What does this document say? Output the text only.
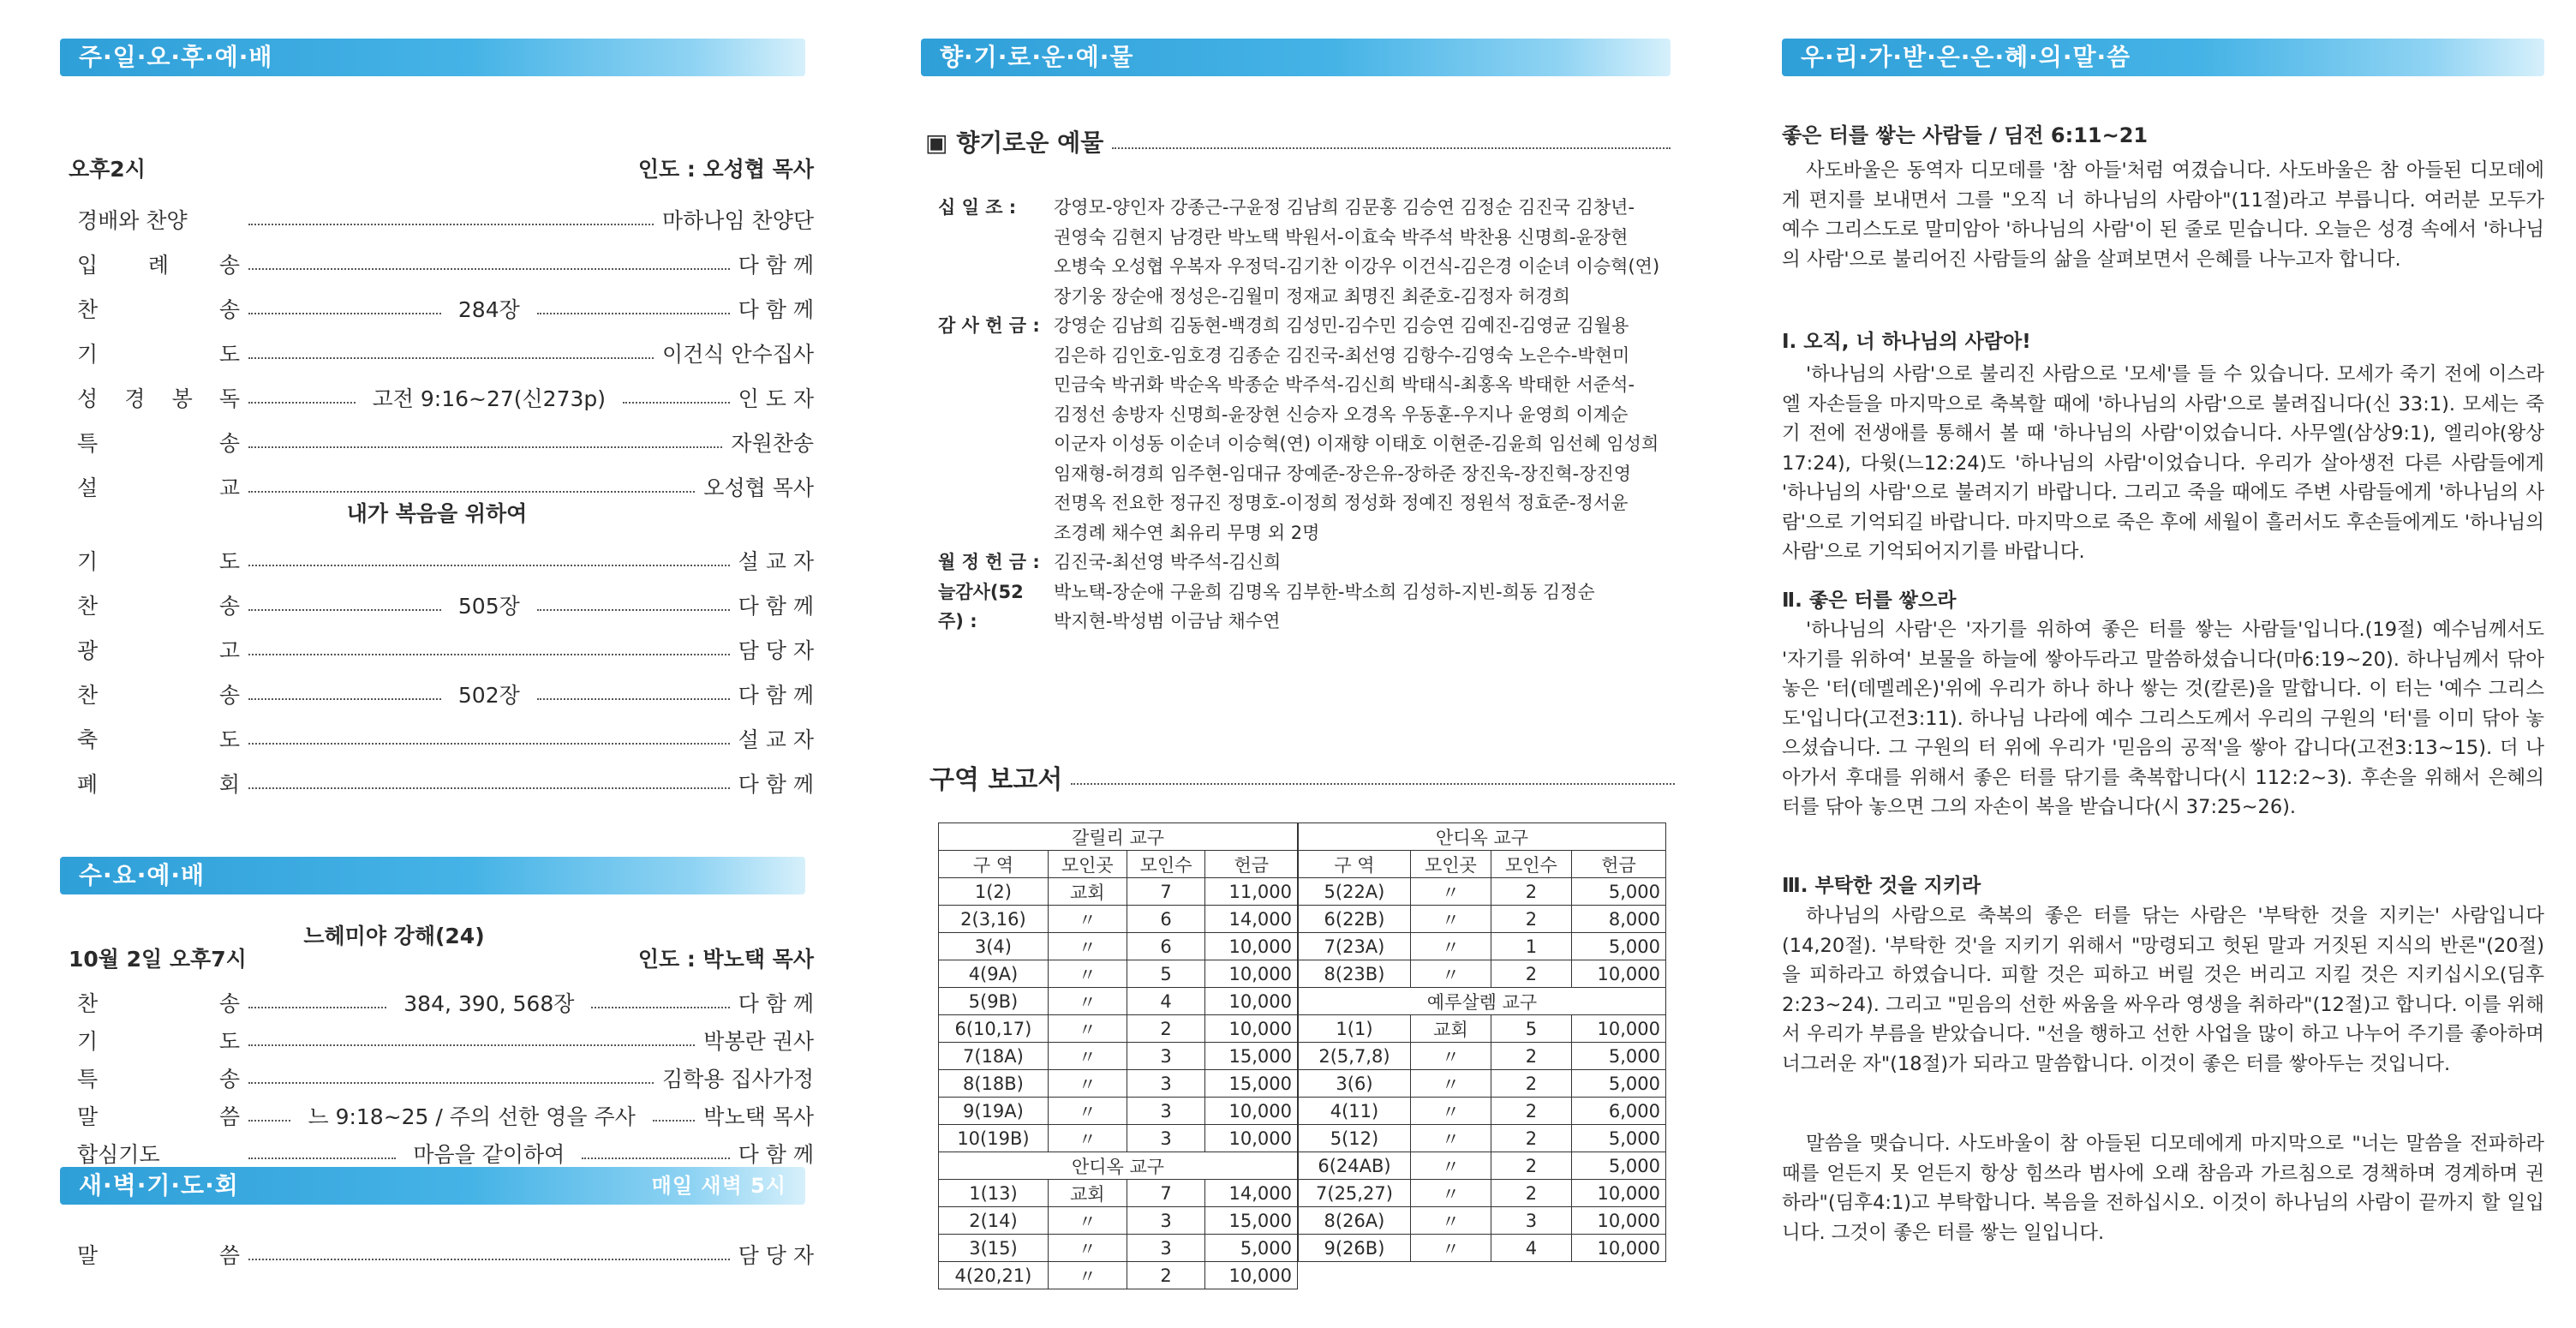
주·일·오·후·예·배
오후2시	인도 : 오성협 목사
경배와 찬양	마하나임 찬양단
입 례 송	다 함 께
찬	송	284장	다 함 께
기	도	이건식 안수집사
성 경 봉 독	고전 9:16~27(신273p)	인 도 자
특	송	자원찬송
설	교	오성협 목사
내가 복음을 위하여
기	도	설 교 자
찬	송	505장	다 함 께
광	고	담 당 자
찬	송	502장	다 함 께
축	도	설 교 자
폐	회	다 함 께
수·요·예·배
느헤미야 강해(24)
10월 2일 오후7시	인도 : 박노택 목사
찬	송	384, 390, 568장	다 함 께
기	도	박봉란 권사
특	송	김학용 집사가정
말	씀	느 9:18~25 / 주의 선한 영을 주사	박노택 목사
합심기도	마음을 같이하여	다 함 께
새·벽·기·도·회	매일 새벽 5시
말	씀	담 당 자
향·기·로·운·예·물
▣ 향기로운 예물
십 일 조 :	강영모-양인자 강종근-구윤정 김남희 김문홍 김승연 김정순 김진국 김창년-
권영숙 김현지 남경란 박노택 박원서-이효숙 박주석 박찬용 신명희-윤장현
오병숙 오성협 우복자 우정덕-김기찬 이강우 이건식-김은경 이순녀 이승혁(연)
장기웅 장순애 정성은-김월미 정재교 최명진 최준호-김정자 허경희
감 사 헌 금 : 강영순 김남희 김동현-백경희 김성민-김수민 김승연 김예진-김영균 김월용
김은하 김인호-임호경 김종순 김진국-최선영 김항수-김영숙 노은수-박현미
민금숙 박귀화 박순옥 박종순 박주석-김신희 박태식-최홍옥 박태한 서준석-
김정선 송방자 신명희-윤장현 신승자 오경옥 우동훈-우지나 윤영희 이계순
이군자 이성동 이순녀 이승혁(연) 이재향 이태호 이현준-김윤희 임선혜 임성희
임재형-허경희 임주현-임대규 장예준-장은유-장하준 장진욱-장진혁-장진영
전명옥 전요한 정규진 정명호-이정희 정성화 정예진 정원석 정효준-정서윤
조경례 채수연 최유리 무명 외 2명
월 정 헌 금 : 김진국-최선영 박주석-김신희
늘감사(52주) :
박노택-장순애 구윤희 김명옥 김부한-박소희 김성하-지빈-희동 김정순
박지현-박성범 이금남 채수연
구역 보고서
갈릴리 교구			
구 역	모인곳	모인수	헌금
1(2)	교회	7	11,000
2(3,16)	〃	6	14,000
3(4)	〃	6	10,000
4(9A)	〃	5	10,000
5(9B)	〃	4	10,000
6(10,17)	〃	2	10,000
7(18A)	〃	3	15,000
8(18B)	〃	3	15,000
9(19A)	〃	3	10,000
10(19B)	〃	3	10,000
안디옥 교구			
1(13)	교회	7	14,000
2(14)	〃	3	15,000
3(15)	〃	3	5,000
4(20,21)	〃	2	10,000
안디옥 교구			
구 역	모인곳	모인수	헌금
5(22A)	〃	2	5,000
6(22B)	〃	2	8,000
7(23A)	〃	1	5,000
8(23B)	〃	2	10,000
예루살렘 교구			
1(1)	교회	5	10,000
2(5,7,8)	〃	2	5,000
3(6)	〃	2	5,000
4(11)	〃	2	6,000
5(12)	〃	2	5,000
6(24AB)	〃	2	5,000
7(25,27)	〃	2	10,000
8(26A)	〃	3	10,000
9(26B)	〃	4	10,000
우·리·가·받·은·은·혜·의·말·씀
좋은 터를 쌓는 사람들 / 딤전 6:11~21

사도바울은 동역자 디모데를 '참 아들'처럼 여겼습니다. 사도바울은 참 아들된 디모데에게 편지를 보내면서 그를 "오직 너 하나님의 사람아"(11절)라고 부릅니다. 여러분 모두가 예수 그리스도로 말미암아 '하나님의 사람'이 된 줄로 믿습니다. 오늘은 성경 속에서 '하나님의 사람'으로 불리어진 사람들의 삶을 살펴보면서 은혜를 나누고자 합니다.

Ⅰ. 오직, 너 하나님의 사람아!

'하나님의 사람'으로 불리진 사람으로 '모세'를 들 수 있습니다. 모세가 죽기 전에 이스라엘 자손들을 마지막으로 축복할 때에 '하나님의 사람'으로 불려집니다(신 33:1). 모세는 죽기 전에 전생애를 통해서 볼 때 '하나님의 사람'이었습니다. 사무엘(삼상9:1), 엘리야(왕상17:24), 다윗(느12:24)도 '하나님의 사람'이었습니다. 우리가 살아생전 다른 사람들에게 '하나님의 사람'으로 불려지기 바랍니다. 그리고 죽을 때에도 주변 사람들에게 '하나님의 사람'으로 기억되길 바랍니다. 마지막으로 죽은 후에 세월이 흘러서도 후손들에게도 '하나님의 사람'으로 기억되어지기를 바랍니다.

Ⅱ. 좋은 터를 쌓으라

'하나님의 사람'은 '자기를 위하여 좋은 터를 쌓는 사람들'입니다.(19절) 예수님께서도 '자기를 위하여' 보물을 하늘에 쌓아두라고 말씀하셨습니다(마6:19~20). 하나님께서 닦아 놓은 '터(데멜레온)'위에 우리가 하나 하나 쌓는 것(칼론)을 말합니다. 이 터는 '예수 그리스도'입니다(고전3:11). 하나님 나라에 예수 그리스도께서 우리의 구원의 '터'를 이미 닦아 놓으셨습니다. 그 구원의 터 위에 우리가 '믿음의 공적'을 쌓아 갑니다(고전3:13~15). 더 나아가서 후대를 위해서 좋은 터를 닦기를 축복합니다(시 112:2~3). 후손을 위해서 은혜의 터를 닦아 놓으면 그의 자손이 복을 받습니다(시 37:25~26).

Ⅲ. 부탁한 것을 지키라

하나님의 사람으로 축복의 좋은 터를 닦는 사람은 '부탁한 것을 지키는' 사람입니다(14,20절). '부탁한 것'을 지키기 위해서 "망령되고 헛된 말과 거짓된 지식의 반론"(20절)을 피하라고 하였습니다. 피할 것은 피하고 버릴 것은 버리고 지킬 것은 지키십시오(딤후2:23~24). 그리고 "믿음의 선한 싸움을 싸우라 영생을 취하라"(12절)고 합니다. 이를 위해서 우리가 부름을 받았습니다. "선을 행하고 선한 사업을 많이 하고 나누어 주기를 좋아하며 너그러운 자"(18절)가 되라고 말씀합니다. 이것이 좋은 터를 쌓아두는 것입니다.

말씀을 맺습니다. 사도바울이 참 아들된 디모데에게 마지막으로 "너는 말씀을 전파하라 때를 얻든지 못 얻든지 항상 힘쓰라 범사에 오래 참음과 가르침으로 경책하며 경계하며 권하라"(딤후4:1)고 부탁합니다. 복음을 전하십시오. 이것이 하나님의 사람이 끝까지 할 일입니다. 그것이 좋은 터를 쌓는 일입니다.
